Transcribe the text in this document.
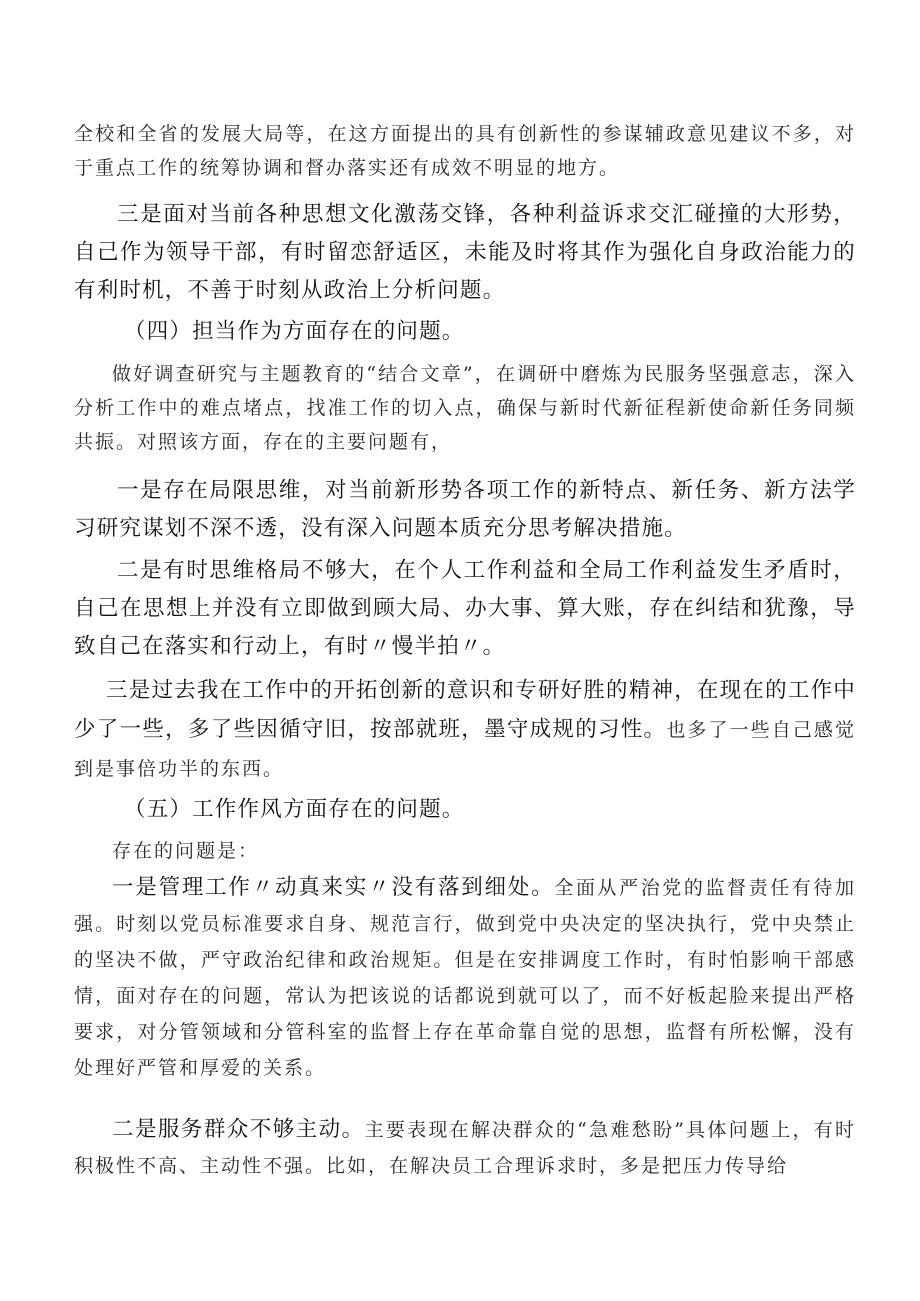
全校和全省的发展大局等，在这方面提出的具有创新性的参谋辅政意见建议不多，对于重点工作的统筹协调和督办落实还有成效不明显的地方。

三是面对当前各种思想文化激荡交锋，各种利益诉求交汇碰撞的大形势，自己作为领导干部，有时留恋舒适区，未能及时将其作为强化自身政治能力的有利时机，不善于时刻从政治上分析问题。

（四）担当作为方面存在的问题。

做好调查研究与主题教育的“结合文章”，在调研中磨炼为民服务坚强意志，深入分析工作中的难点堵点，找准工作的切入点，确保与新时代新征程新使命新任务同频共振。对照该方面，存在的主要问题有，

一是存在局限思维，对当前新形势各项工作的新特点、新任务、新方法学习研究谋划不深不透，没有深入问题本质充分思考解决措施。

二是有时思维格局不够大，在个人工作利益和全局工作利益发生矛盾时，自己在思想上并没有立即做到顾大局、办大事、算大账，存在纠结和犹豫，导致自己在落实和行动上，有时〃慢半拍〃。

三是过去我在工作中的开拓创新的意识和专研好胜的精神，在现在的工作中少了一些，多了些因循守旧，按部就班，墨守成规的习性。也多了一些自己感觉到是事倍功半的东西。

（五）工作作风方面存在的问题。

存在的问题是：

一是管理工作〃动真来实〃没有落到细处。全面从严治党的监督责任有待加强。时刻以党员标准要求自身、规范言行，做到党中央决定的坚决执行，党中央禁止的坚决不做，严守政治纪律和政治规矩。但是在安排调度工作时，有时怕影响干部感情，面对存在的问题，常认为把该说的话都说到就可以了，而不好板起脸来提出严格要求，对分管领域和分管科室的监督上存在革命靠自觉的思想，监督有所松懈，没有处理好严管和厚爱的关系。

二是服务群众不够主动。主要表现在解决群众的“急难愁盼”具体问题上，有时积极性不高、主动性不强。比如，在解决员工合理诉求时，多是把压力传导给
